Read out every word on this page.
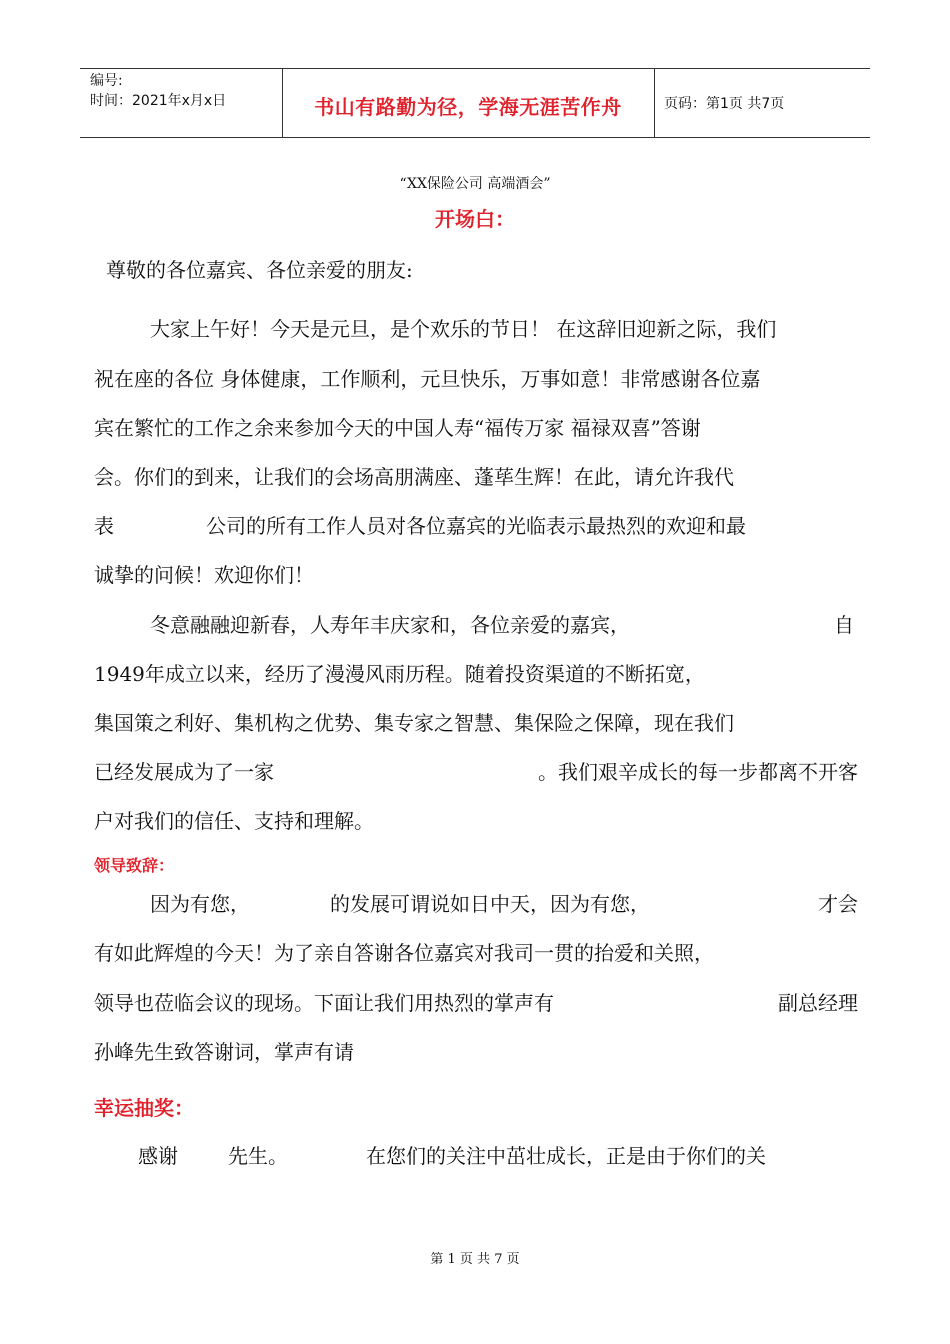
编号:
时间：2021年x月x日	书山有路勤为径，学海无涯苦作舟	页码：第1页 共7页
“XX保险公司 高端酒会”
开场白：
尊敬的各位嘉宾、各位亲爱的朋友:
大家上午好！今天是元旦，是个欢乐的节日！ 在这辞旧迎新之际，我们
祝在座的各位 身体健康，工作顺利，元旦快乐，万事如意！非常感谢各位嘉
宾在繁忙的工作之余来参加今天的中国人寿“福传万家 福禄双喜”答谢
会。你们的到来，让我们的会场高朋满座、蓬荜生辉！在此，请允许我代
表	公司的所有工作人员对各位嘉宾的光临表示最热烈的欢迎和最
诚挚的问候！欢迎你们！
冬意融融迎新春，人寿年丰庆家和，各位亲爱的嘉宾，	自
1949年成立以来，经历了漫漫风雨历程。随着投资渠道的不断拓宽，
集国策之利好、集机构之优势、集专家之智慧、集保险之保障，现在我们
已经发展成为了一家	。我们艰辛成长的每一步都离不开客
户对我们的信任、支持和理解。
领导致辞：
因为有您，	的发展可谓说如日中天，因为有您，	才会
有如此辉煌的今天！为了亲自答谢各位嘉宾对我司一贯的抬爱和关照，
领导也莅临会议的现场。下面让我们用热烈的掌声有	副总经理
孙峰先生致答谢词，掌声有请
幸运抽奖：
感谢	先生。	在您们的关注中茁壮成长，正是由于你们的关
第 1 页 共 7 页
